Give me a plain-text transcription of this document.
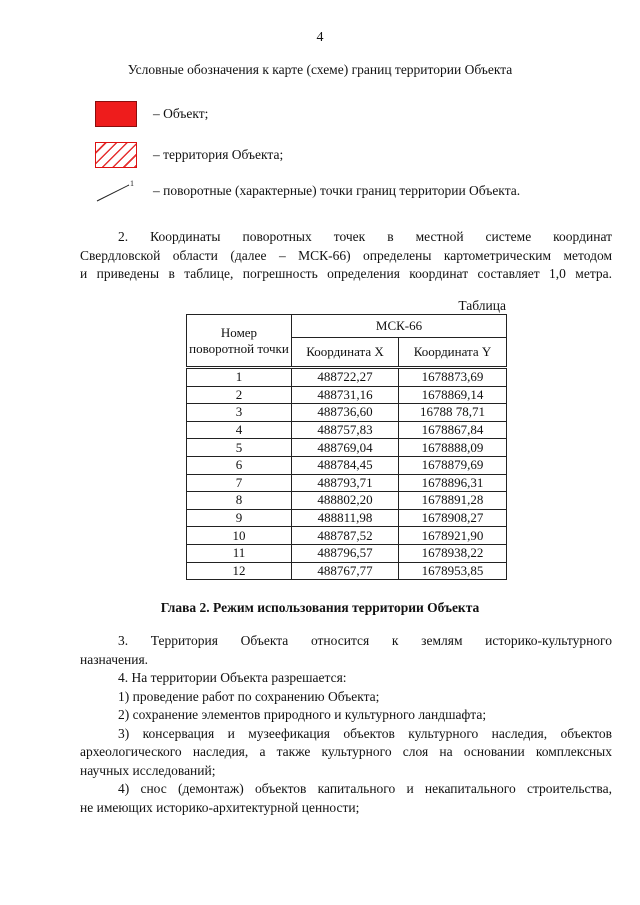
4
Условные обозначения к карте (схеме) границ территории Объекта
– Объект;
– территория Объекта;
1 – поворотные (характерные) точки границ территории Объекта.
2. Координаты поворотных точек в местной системе координат
Свердловской области (далее – МСК-66) определены картометрическим методом
и приведены в таблице, погрешность определения координат составляет 1,0 метра.
Таблица
Номер поворотной точки	МСК-66	
	Координата X	Координата Y
1	488722,27	1678873,69
2	488731,16	1678869,14
3	488736,60	16788 78,71
4	488757,83	1678867,84
5	488769,04	1678888,09
6	488784,45	1678879,69
7	488793,71	1678896,31
8	488802,20	1678891,28
9	488811,98	1678908,27
10	488787,52	1678921,90
11	488796,57	1678938,22
12	488767,77	1678953,85
Глава 2. Режим использования территории Объекта
3. Территория Объекта относится к землям историко-культурного
назначения.
4. На территории Объекта разрешается:
1) проведение работ по сохранению Объекта;
2) сохранение элементов природного и культурного ландшафта;
3) консервация и музеефикация объектов культурного наследия, объектов
археологического наследия, а также культурного слоя на основании комплексных
научных исследований;
4) снос (демонтаж) объектов капитального и некапитального строительства,
не имеющих историко-архитектурной ценности;
